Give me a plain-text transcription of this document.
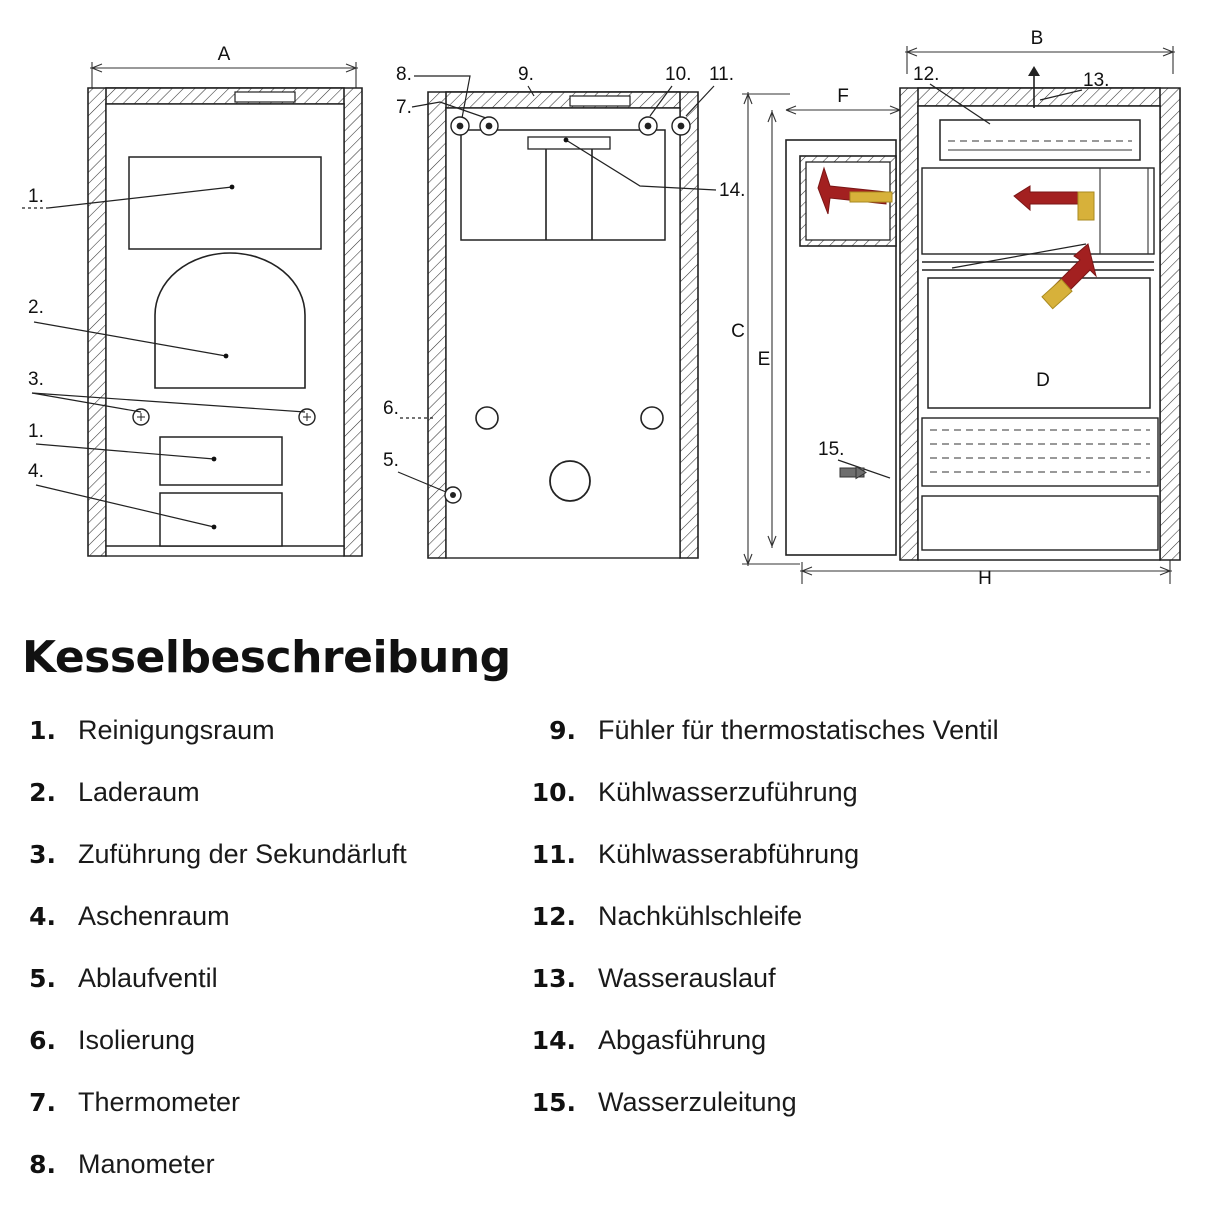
A
1.
2.
3.
1.
4.
8.
7.
9.	10. 11.
14.
6.
5.
B
C
E
F
H
D
12.	13.
15.
Kesselbeschreibung
1. Reinigungsraum
2. Laderaum
3. Zuführung der Sekundärluft
4. Aschenraum
5. Ablaufventil
6. Isolierung
7. Thermometer
8. Manometer
9. Fühler für thermostatisches Ventil
10. Kühlwasserzuführung
11. Kühlwasserabführung
12. Nachkühlschleife
13. Wasserauslauf
14. Abgasführung
15. Wasserzuleitung
